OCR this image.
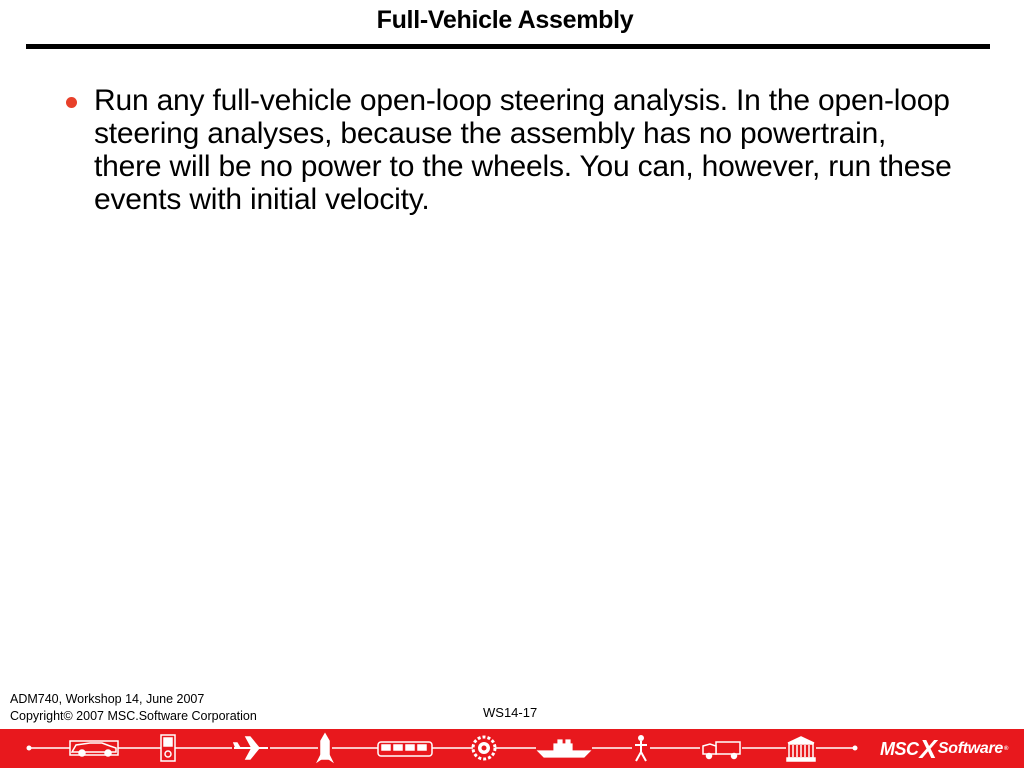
Full-Vehicle Assembly
Run any full-vehicle open-loop steering analysis. In the open-loop steering analyses, because the assembly has no powertrain, there will be no power to the wheels. You can, however, run these events with initial velocity.
ADM740, Workshop 14, June 2007
Copyright© 2007 MSC.Software Corporation	WS14-17
MSC X Software ®
